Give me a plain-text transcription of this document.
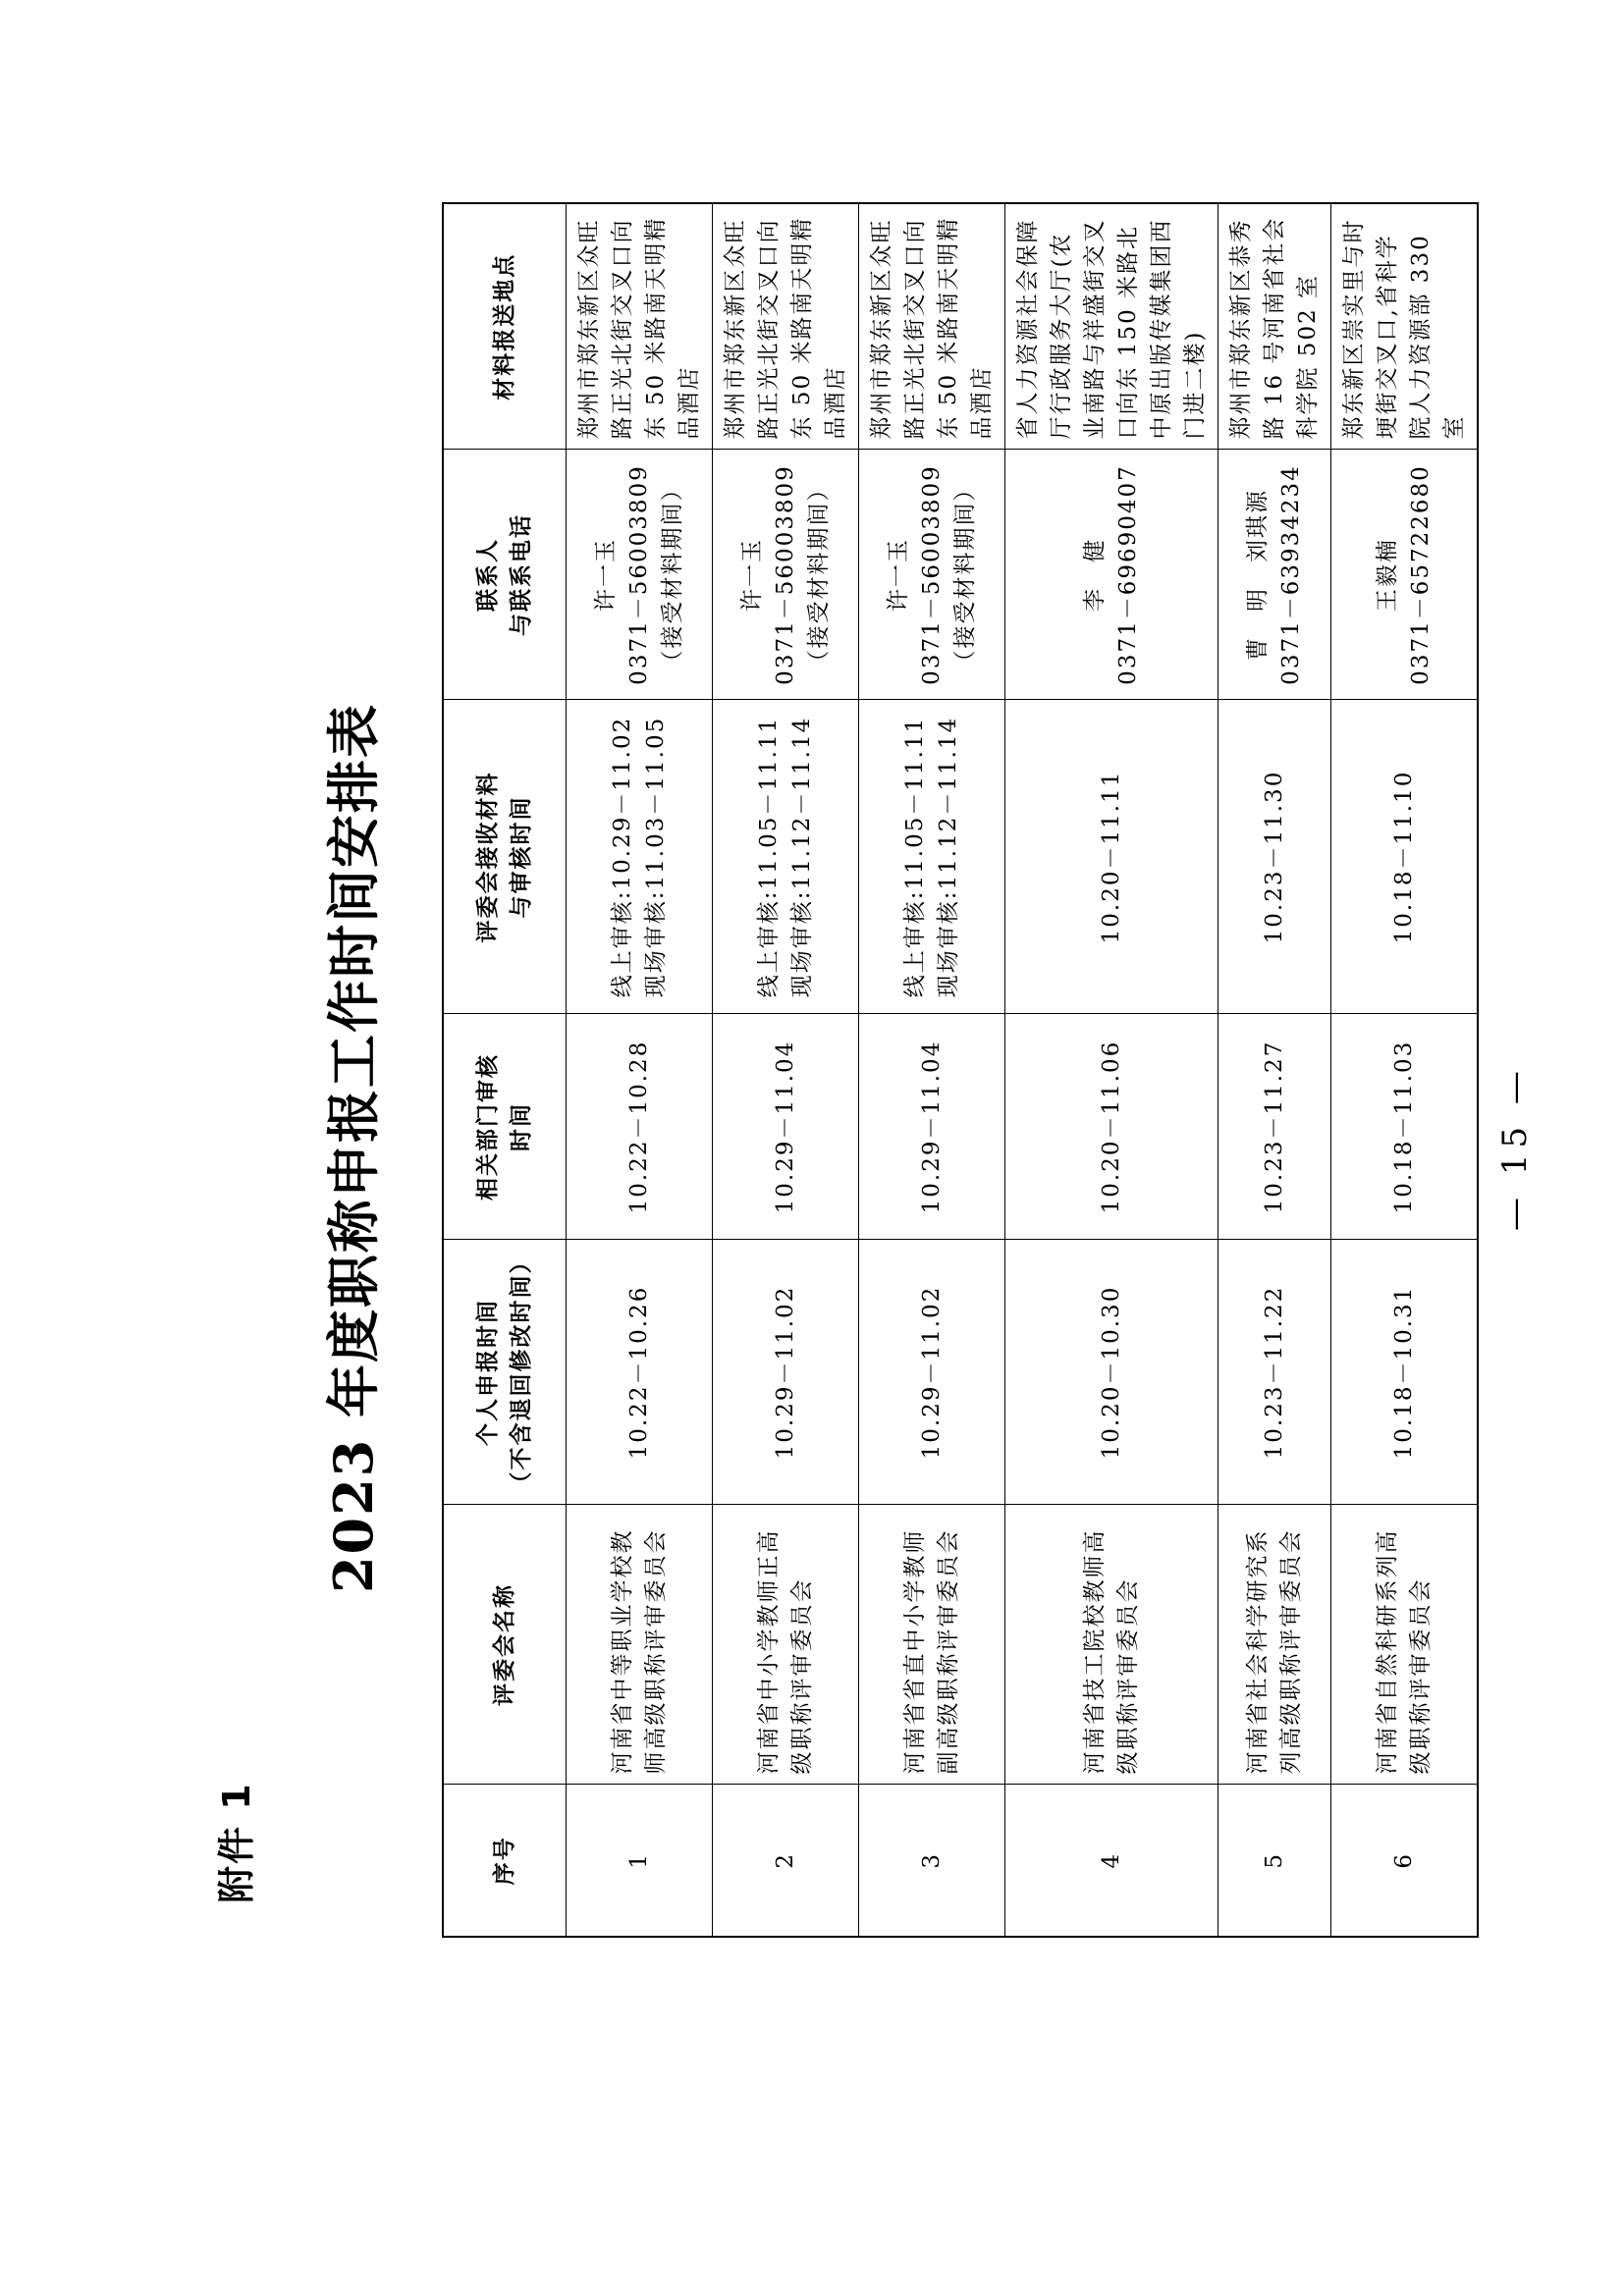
附件 1
2023 年度职称申报工作时间安排表
序号	评委会名称	个人申报时间 （不含退回修改时间）	相关部门审核 时间	评委会接收材料 与审核时间	联系人 与联系电话	材料报送地点
1	河南省中等职业学校教师高级职称评审委员会	10.22－10.26	10.22－10.28	线上审核:10.29－11.02 现场审核:11.03－11.05	许一玉 0371－56003809 （接受材料期间）	郑州市郑东新区众旺路正光北街交叉口向东 50 米路南天明精品酒店

2	河南省中小学教师正高级职称评审委员会	10.29－11.02	10.29－11.04	线上审核:11.05－11.11 现场审核:11.12－11.14	许一玉 0371－56003809 （接受材料期间）	郑州市郑东新区众旺路正光北街交叉口向东 50 米路南天明精品酒店

3	河南省省直中小学教师副高级职称评审委员会	10.29－11.02	10.29－11.04	线上审核:11.05－11.11 现场审核:11.12－11.14	许一玉 0371－56003809 （接受材料期间）	郑州市郑东新区众旺路正光北街交叉口向东 50 米路南天明精品酒店

4	河南省技工院校教师高级职称评审委员会	10.20－10.30	10.20－11.06	10.20－11.11	李　健 0371－69690407	省人力资源社会保障厅行政服务大厅(农业南路与祥盛街交叉口向东 150 米路北中原出版传媒集团西门进二楼)

5	河南省社会科学研究系列高级职称评审委员会	10.23－11.22	10.23－11.27	10.23－11.30	曹　明　刘琪源 0371－63934234	郑州市郑东新区恭秀路 16 号河南省社会科学院 502 室

6	河南省自然科研系列高级职称评审委员会	10.18－10.31	10.18－11.03	10.18－11.10	王毅楠 0371－65722680	郑东新区崇实里与时埂街交叉口,省科学院人力资源部 330 室
— 15 —
